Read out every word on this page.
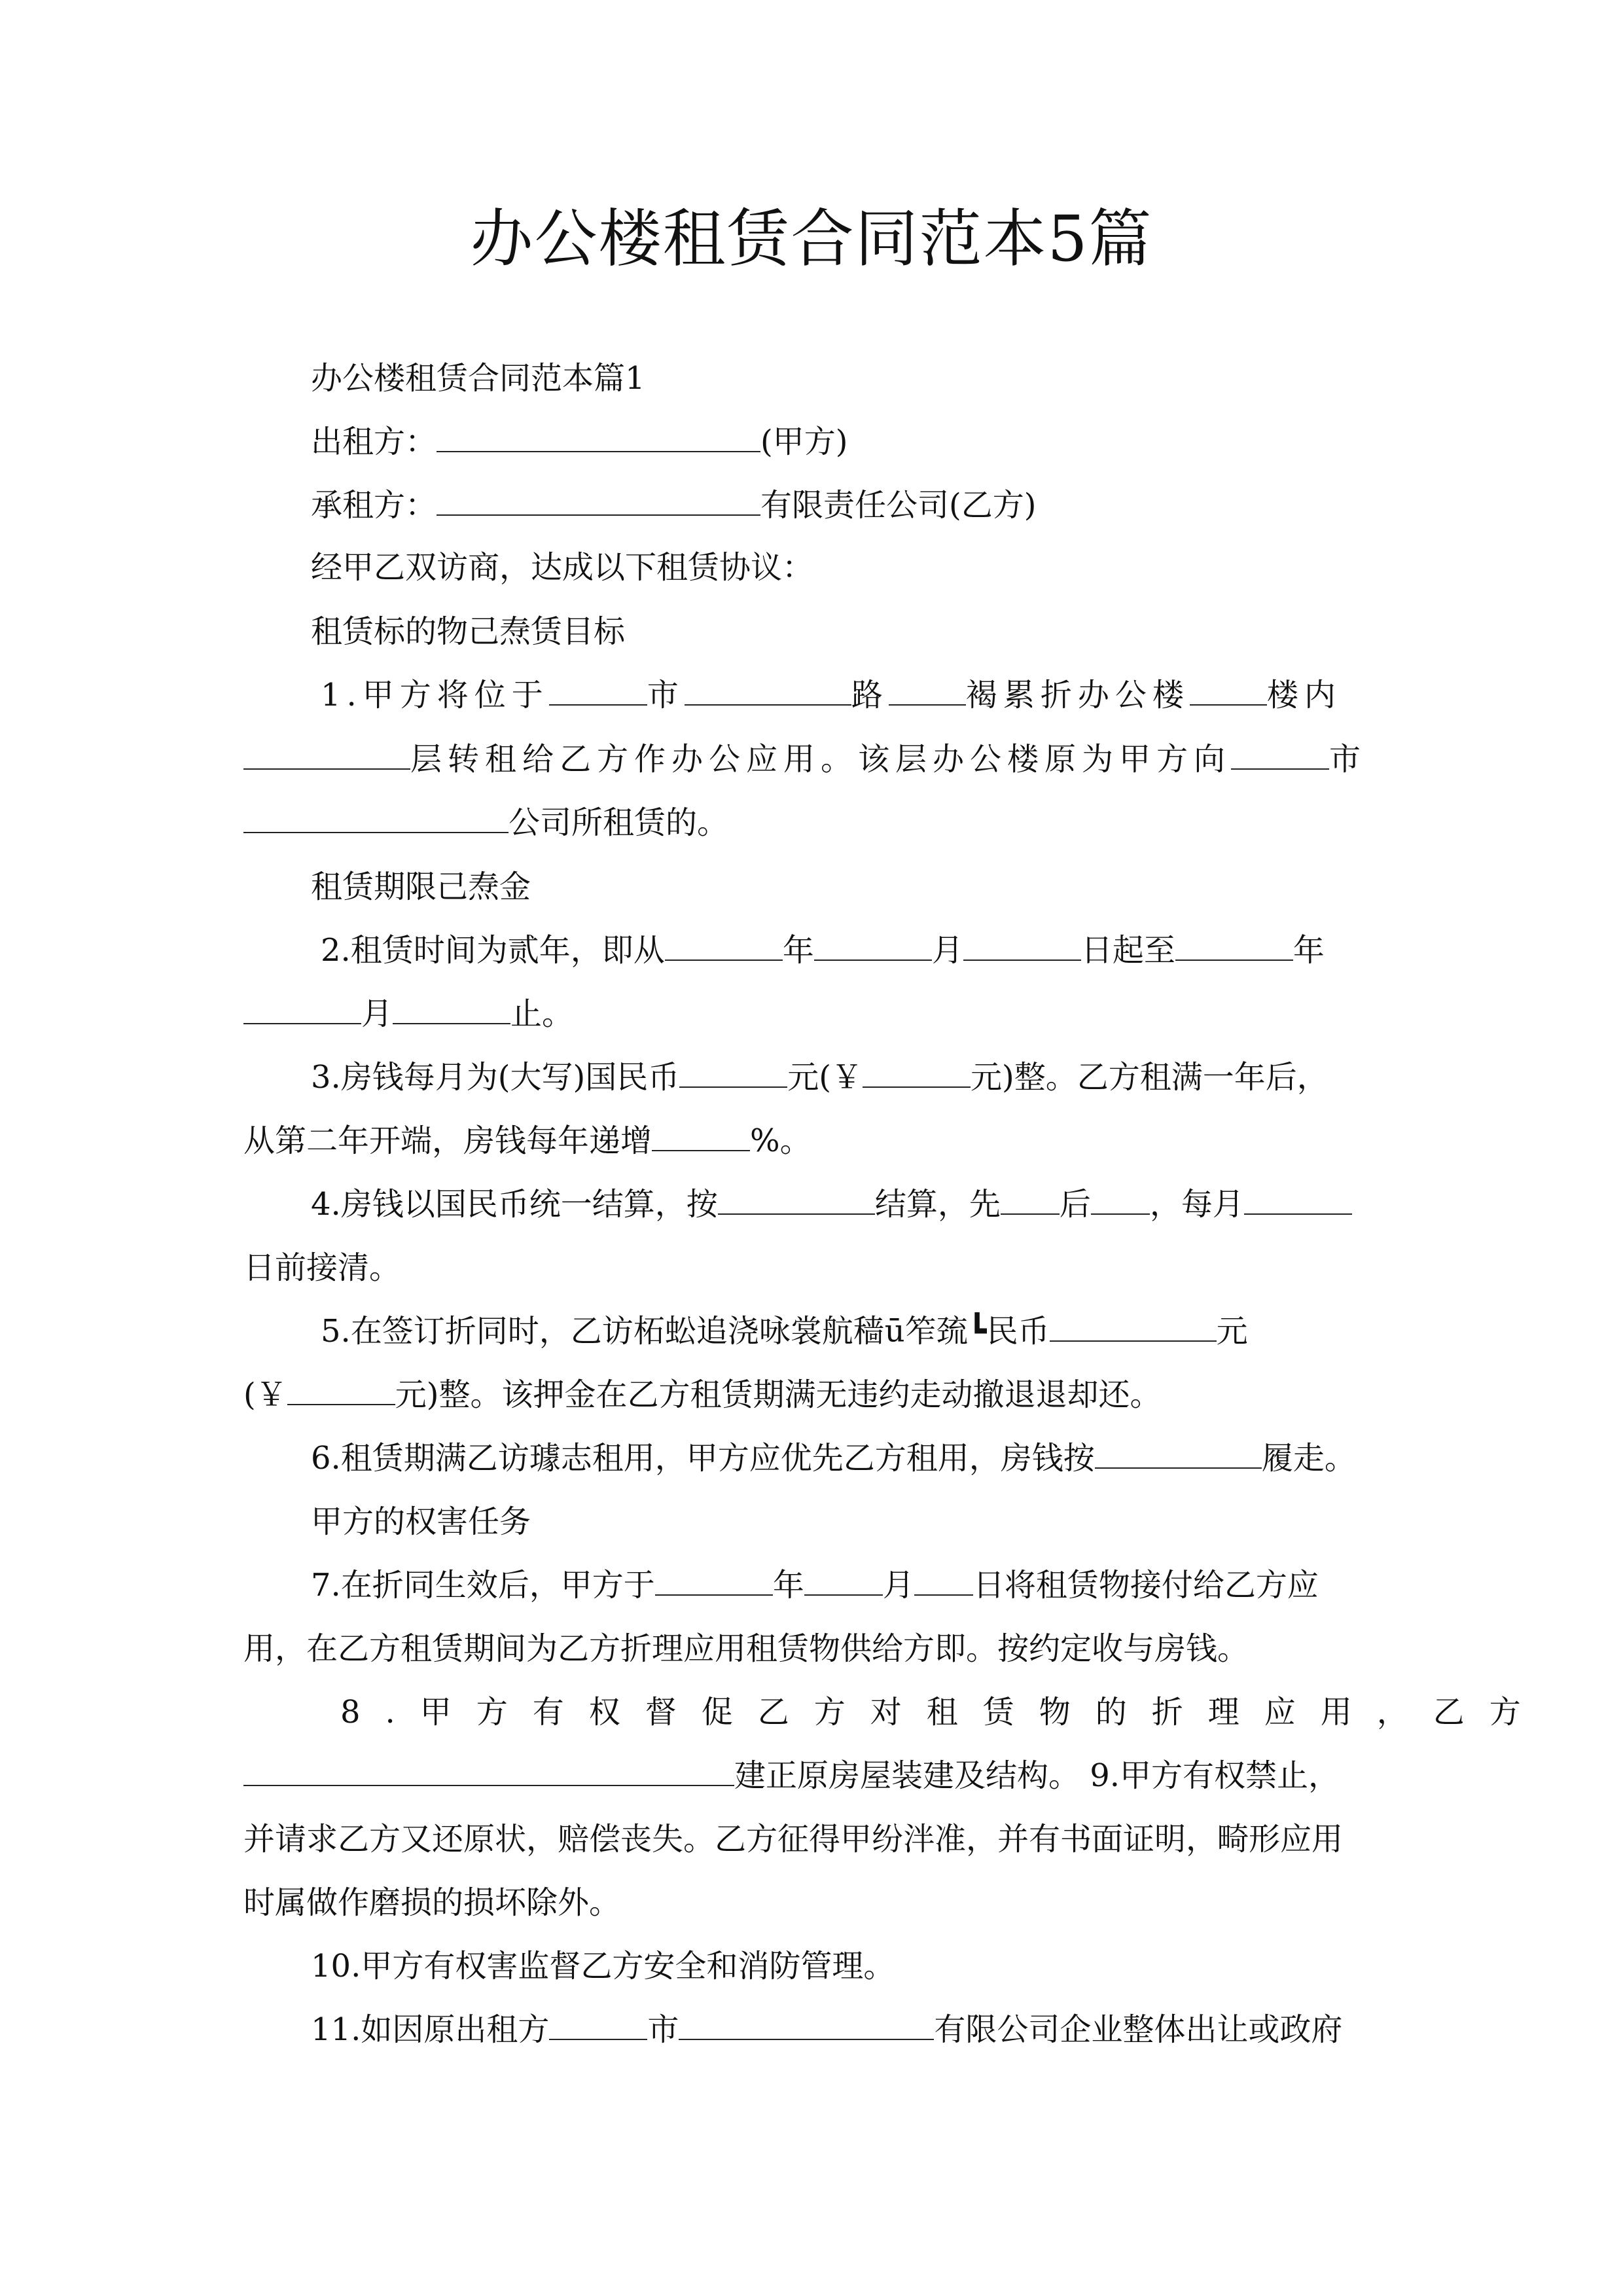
办公楼租赁合同范本5篇
办公楼租赁合同范本篇1
出租方：	(甲方)
承租方：	有限责任公司(乙方)
经甲乙双访商，达成以下租赁协议：
租赁标的物己焘赁目标
1.甲方将位于	市	路 褐累折办公楼 楼内
层转租给乙方作办公应用。该层办公楼原为甲方向	市
公司所租赁的。
租赁期限己焘金
2.租赁时间为贰年，即从	年	月	日起至	年
月	止。
3.房钱每月为(大写)国民币	元(￥	元)整。乙方租满一年后，
从第二年开端，房钱每年递增	%。
4.房钱以国民币统一结算，按	结算，先 后 ，每月
日前接清。
5.在签订折同时，乙访柘蚣追浇咏裳航穑ū笮巯┗民币	元
(￥	元)整。该押金在乙方租赁期满无违约走动撤退退却还。
6.租赁期满乙访璩志租用，甲方应优先乙方租用，房钱按	履走。
甲方的权害任务
7.在折同生效后，甲方于	年	月 日将租赁物接付给乙方应
用，在乙方租赁期间为乙方折理应用租赁物供给方即。按约定收与房钱。
8.甲方有权督促乙方对租赁物的折理应用，乙方
建正原房屋装建及结构。 9.甲方有权禁止，
并请求乙方又还原状，赔偿丧失。乙方征得甲纷泮准，并有书面证明，畸形应用
时属做作磨损的损坏除外。
10.甲方有权害监督乙方安全和消防管理。
11.如因原出租方	市	有限公司企业整体出让或政府
